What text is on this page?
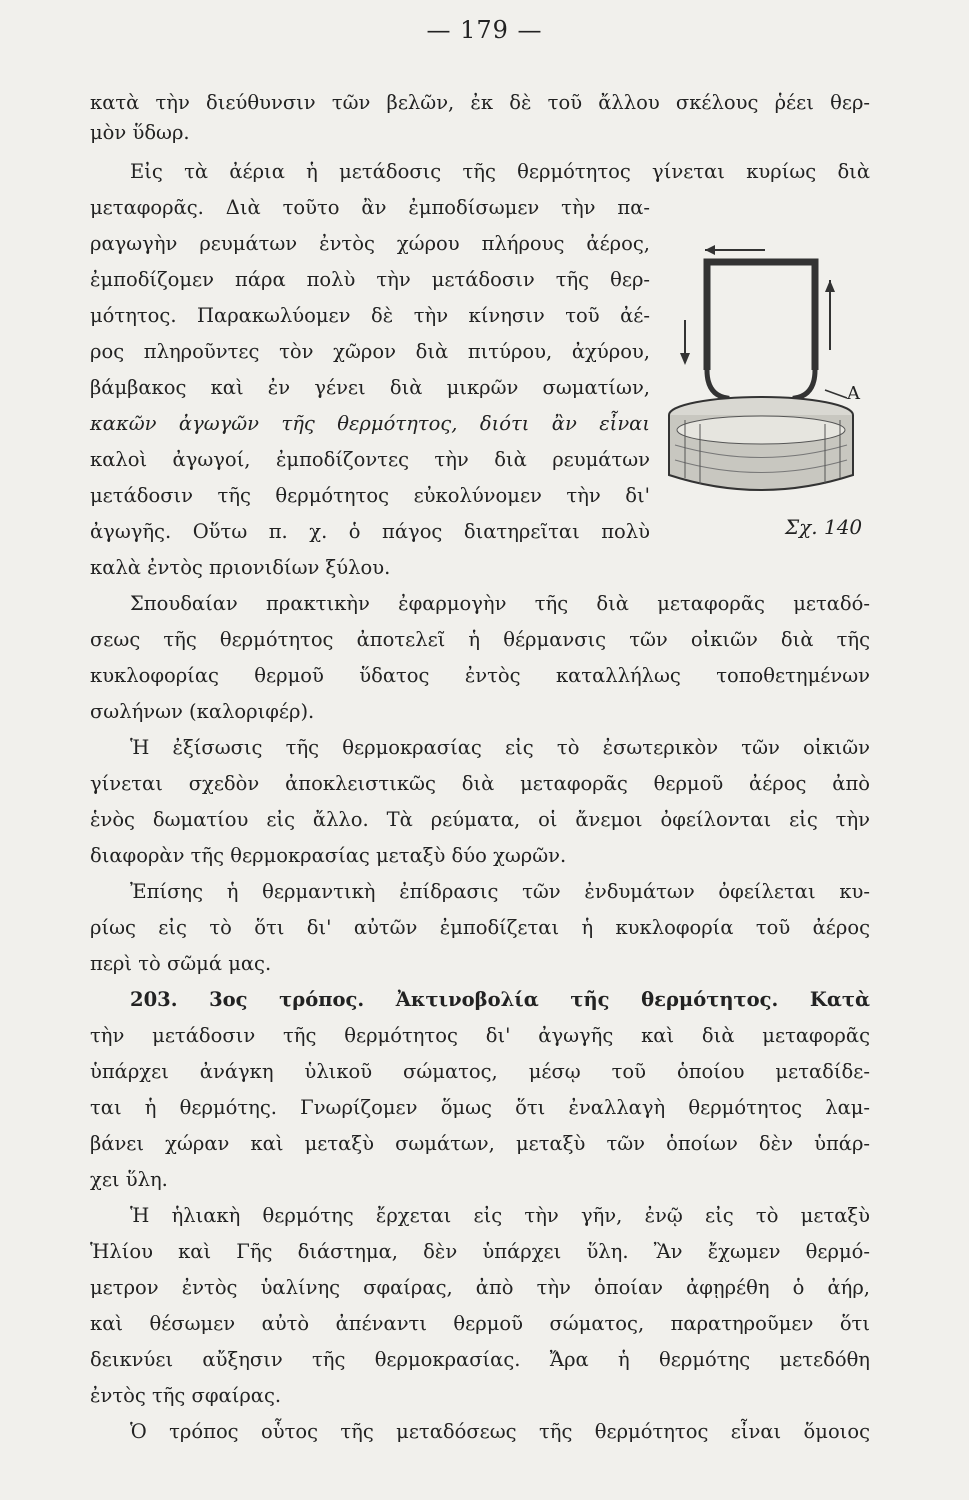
— 179 —
κατὰ τὴν διεύθυνσιν τῶν βελῶν, ἐκ δὲ τοῦ ἄλλου σκέλους ῥέει θερ-
μὸν ὕδωρ.
Εἰς τὰ ἀέρια ἡ μετάδοσις τῆς θερμότητος γίνεται κυρίως διὰ
μεταφορᾶς. Διὰ τοῦτο ἂν ἐμποδίσωμεν τὴν πα-
ραγωγὴν ρευμάτων ἐντὸς χώρου πλήρους ἀέρος,
ἐμποδίζομεν πάρα πολὺ τὴν μετάδοσιν τῆς θερ-
μότητος. Παρακωλύομεν δὲ τὴν κίνησιν τοῦ ἀέ-
ρος πληροῦντες τὸν χῶρον διὰ πιτύρου, ἀχύρου,
βάμβακος καὶ ἐν γένει διὰ μικρῶν σωματίων,
κακῶν ἀγωγῶν τῆς θερμότητος, διότι ἂν εἶναι
καλοὶ ἀγωγοί, ἐμποδίζοντες τὴν διὰ ρευμάτων
μετάδοσιν τῆς θερμότητος εὐκολύνομεν τὴν δι'
ἀγωγῆς. Οὕτω π. χ. ὁ πάγος διατηρεῖται πολὺ
καλὰ ἐντὸς πριονιδίων ξύλου.
Α
Σχ. 140
Σπουδαίαν πρακτικὴν ἐφαρμογὴν τῆς διὰ μεταφορᾶς μεταδό-
σεως τῆς θερμότητος ἀποτελεῖ ἡ θέρμανσις τῶν οἰκιῶν διὰ τῆς
κυκλοφορίας θερμοῦ ὕδατος ἐντὸς καταλλήλως τοποθετημένων
σωλήνων (καλοριφέρ).
Ἡ ἐξίσωσις τῆς θερμοκρασίας εἰς τὸ ἐσωτερικὸν τῶν οἰκιῶν
γίνεται σχεδὸν ἀποκλειστικῶς διὰ μεταφορᾶς θερμοῦ ἀέρος ἀπὸ
ἑνὸς δωματίου εἰς ἄλλο. Τὰ ρεύματα, οἱ ἄνεμοι ὀφείλονται εἰς τὴν
διαφορὰν τῆς θερμοκρασίας μεταξὺ δύο χωρῶν.
Ἐπίσης ἡ θερμαντικὴ ἐπίδρασις τῶν ἐνδυμάτων ὀφείλεται κυ-
ρίως εἰς τὸ ὅτι δι' αὐτῶν ἐμποδίζεται ἡ κυκλοφορία τοῦ ἀέρος
περὶ τὸ σῶμά μας.
203. 3ος τρόπος. Ἀκτινοβολία τῆς θερμότητος. Κατὰ
τὴν μετάδοσιν τῆς θερμότητος δι' ἀγωγῆς καὶ διὰ μεταφορᾶς
ὑπάρχει ἀνάγκη ὑλικοῦ σώματος, μέσῳ τοῦ ὁποίου μεταδίδε-
ται ἡ θερμότης. Γνωρίζομεν ὅμως ὅτι ἐναλλαγὴ θερμότητος λαμ-
βάνει χώραν καὶ μεταξὺ σωμάτων, μεταξὺ τῶν ὁποίων δὲν ὑπάρ-
χει ὕλη.
Ἡ ἡλιακὴ θερμότης ἔρχεται εἰς τὴν γῆν, ἐνῷ εἰς τὸ μεταξὺ
Ἡλίου καὶ Γῆς διάστημα, δὲν ὑπάρχει ὕλη. Ἂν ἔχωμεν θερμό-
μετρον ἐντὸς ὑαλίνης σφαίρας, ἀπὸ τὴν ὁποίαν ἀφῃρέθη ὁ ἀήρ,
καὶ θέσωμεν αὐτὸ ἀπέναντι θερμοῦ σώματος, παρατηροῦμεν ὅτι
δεικνύει αὔξησιν τῆς θερμοκρασίας. Ἄρα ἡ θερμότης μετεδόθη
ἐντὸς τῆς σφαίρας.
Ὁ τρόπος οὗτος τῆς μεταδόσεως τῆς θερμότητος εἶναι ὅμοιος
